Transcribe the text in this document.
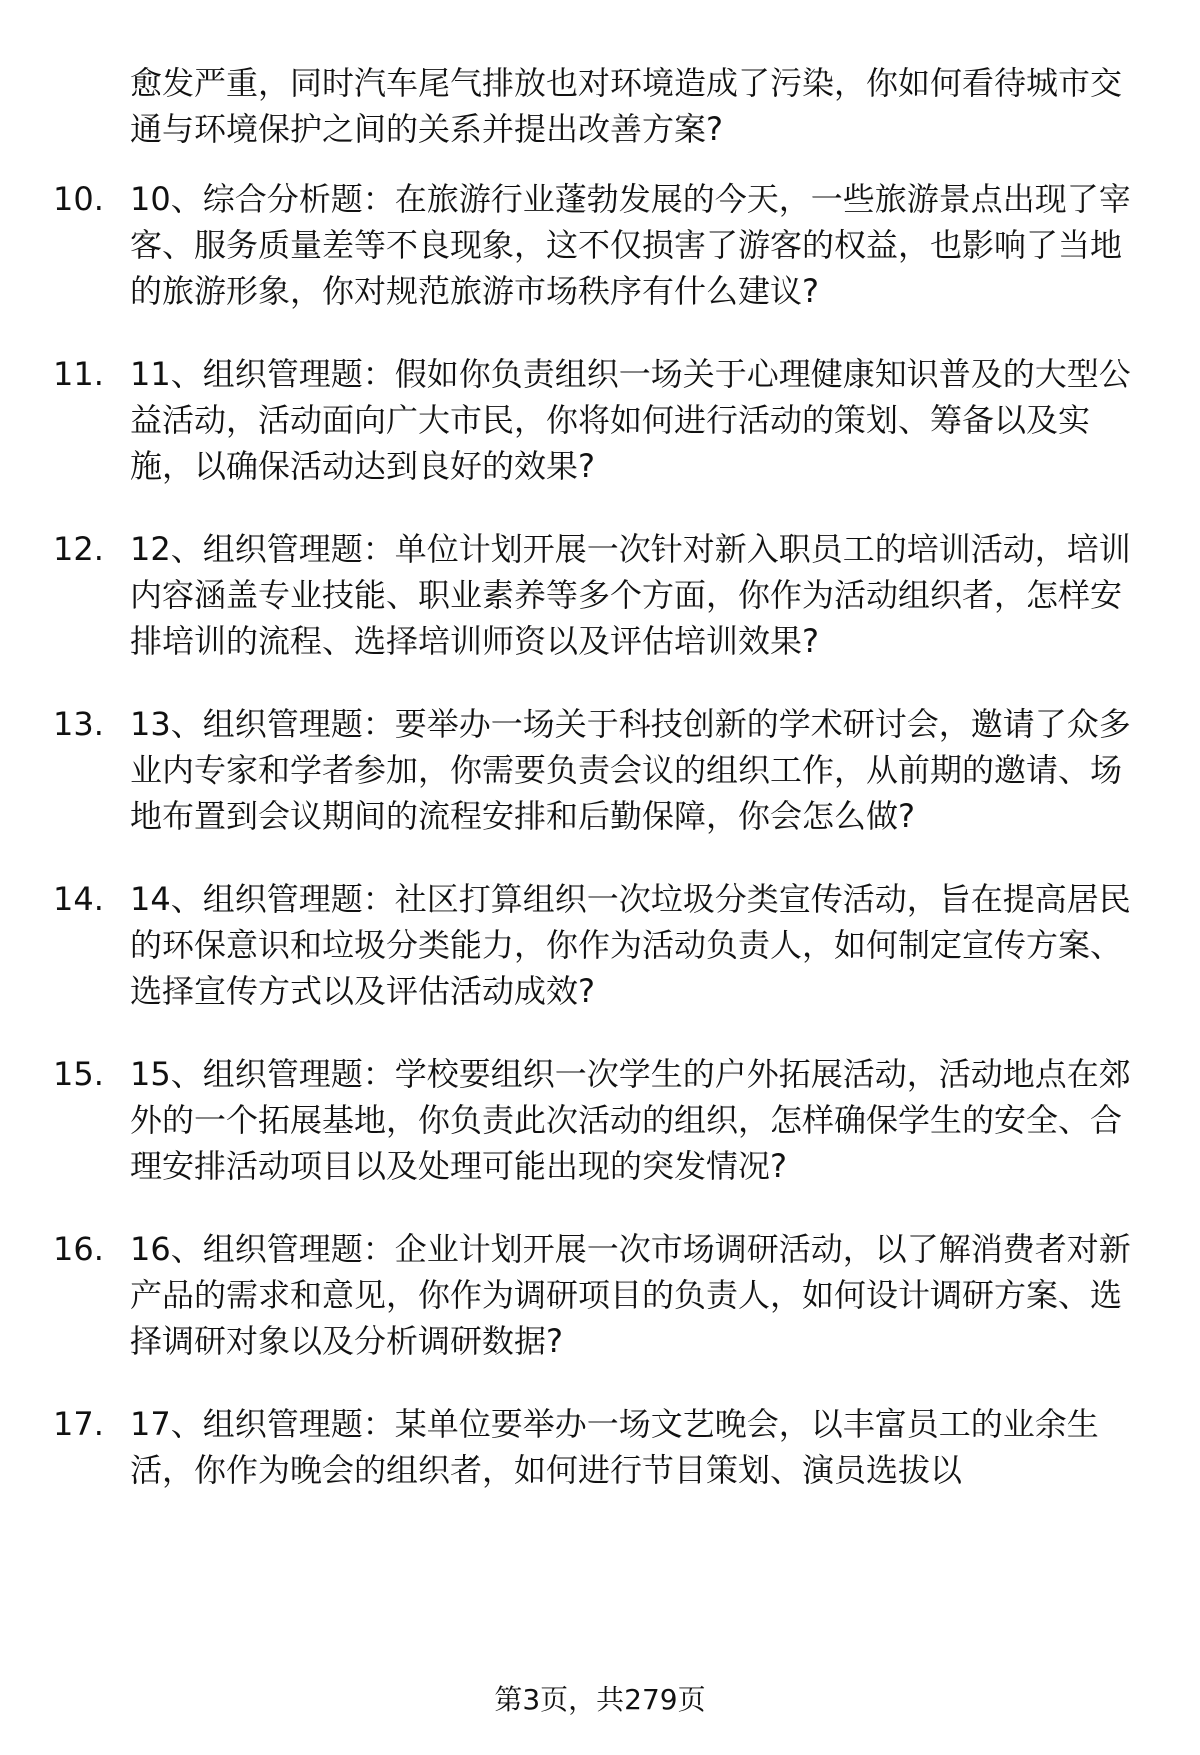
愈发严重，同时汽车尾气排放也对环境造成了污染，你如何看待城市交通与环境保护之间的关系并提出改善方案?
10. 10、综合分析题：在旅游行业蓬勃发展的今天，一些旅游景点出现了宰客、服务质量差等不良现象，这不仅损害了游客的权益，也影响了当地的旅游形象，你对规范旅游市场秩序有什么建议?
11. 11、组织管理题：假如你负责组织一场关于心理健康知识普及的大型公益活动，活动面向广大市民，你将如何进行活动的策划、筹备以及实施，以确保活动达到良好的效果?
12. 12、组织管理题：单位计划开展一次针对新入职员工的培训活动，培训内容涵盖专业技能、职业素养等多个方面，你作为活动组织者，怎样安排培训的流程、选择培训师资以及评估培训效果?
13. 13、组织管理题：要举办一场关于科技创新的学术研讨会，邀请了众多业内专家和学者参加，你需要负责会议的组织工作，从前期的邀请、场地布置到会议期间的流程安排和后勤保障，你会怎么做?
14. 14、组织管理题：社区打算组织一次垃圾分类宣传活动，旨在提高居民的环保意识和垃圾分类能力，你作为活动负责人，如何制定宣传方案、选择宣传方式以及评估活动成效?
15. 15、组织管理题：学校要组织一次学生的户外拓展活动，活动地点在郊外的一个拓展基地，你负责此次活动的组织，怎样确保学生的安全、合理安排活动项目以及处理可能出现的突发情况?
16. 16、组织管理题：企业计划开展一次市场调研活动，以了解消费者对新产品的需求和意见，你作为调研项目的负责人，如何设计调研方案、选择调研对象以及分析调研数据?
17. 17、组织管理题：某单位要举办一场文艺晚会，以丰富员工的业余生活，你作为晚会的组织者，如何进行节目策划、演员选拔以
第3页，共279页
